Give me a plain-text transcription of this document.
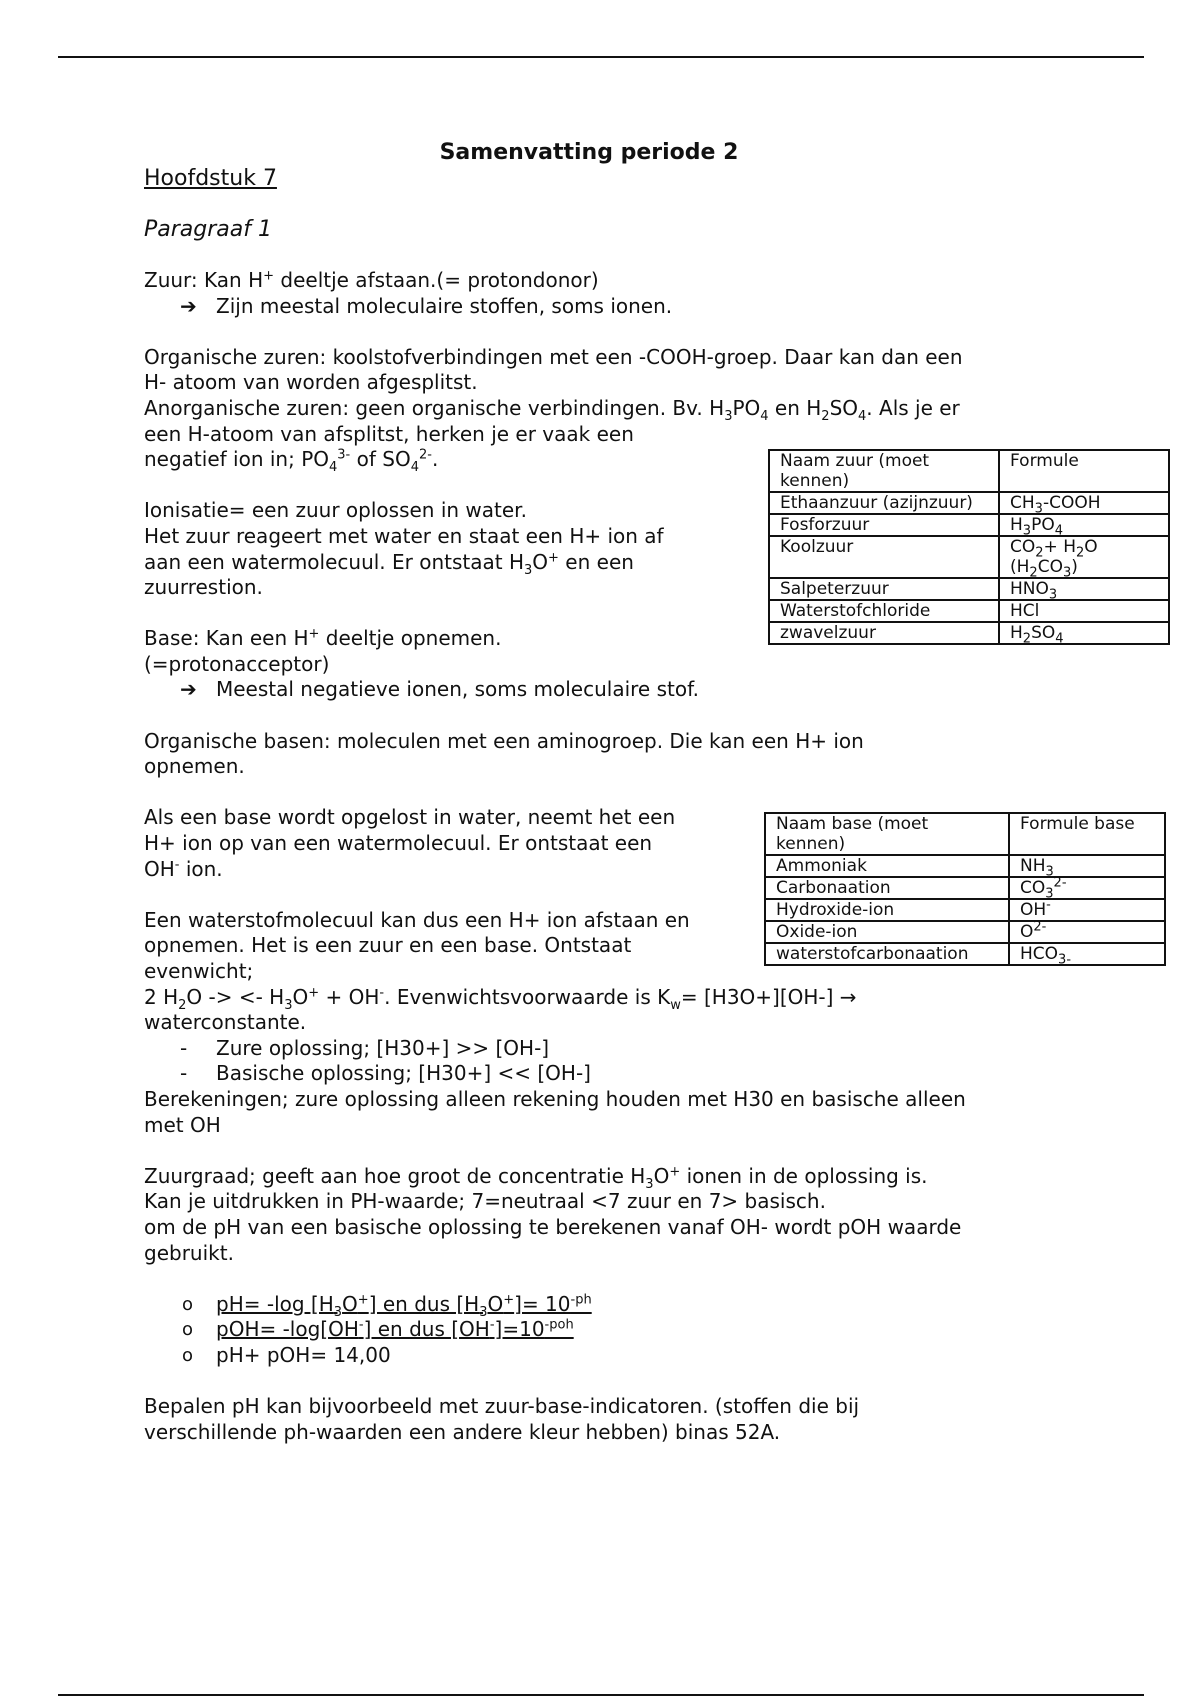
Samenvatting periode 2

Hoofdstuk 7

Paragraaf 1

Zuur: Kan H+ deeltje afstaan.(= protondonor)

➔ Zijn meestal moleculaire stoffen, soms ionen.

Organische zuren: koolstofverbindingen met een -COOH-groep. Daar kan dan een
H- atoom van worden afgesplitst.

Anorganische zuren: geen organische verbindingen. Bv. $H_3PO_4$ en $H_2SO_4$. Als je er
een H-atoom van afsplitst, herken je er vaak een
negatief ion in; $PO_4^{3-}$ of $SO_4^{2-}$.

Ionisatie= een zuur oplossen in water.
Het zuur reageert met water en staat een H+ ion af
aan een watermolecuul. Er ontstaat $H_3O^+$ en een
zuurrestion.

Base: Kan een H+ deeltje opnemen.
(=protonacceptor)

➔ Meestal negatieve ionen, soms moleculaire stof.

Organische basen: moleculen met een aminogroep. Die kan een H+ ion
opnemen.

Als een base wordt opgelost in water, neemt het een
H+ ion op van een watermolecuul. Er ontstaat een
OH- ion.

Een waterstofmolecuul kan dus een H+ ion afstaan en
opnemen. Het is een zuur en een base. Ontstaat
evenwicht;
2 $H_2O$ -> <- $H_3O^+ + OH^-$. Evenwichtsvoorwaarde is $K_w= [H3O+][OH-]$ →
waterconstante.

- Zure oplossing; [H30+] >> [OH-]

- Basische oplossing; [H30+] << [OH-]

Berekeningen; zure oplossing alleen rekening houden met H30 en basische alleen
met OH

Zuurgraad; geeft aan hoe groot de concentratie $H_3O^+$ ionen in de oplossing is.
Kan je uitdrukken in PH-waarde; 7=neutraal <7 zuur en 7> basisch.
om de pH van een basische oplossing te berekenen vanaf OH- wordt pOH waarde
gebruikt.

o pH= -log $[H_3O^+]$ en dus $[H_3O^+]= 10^{-ph}$

o pOH= -log[OH-] en dus $[OH^-]=10^{-poh}$

o pH+ pOH= 14,00

Bepalen pH kan bijvoorbeeld met zuur-base-indicatoren. (stoffen die bij
verschillende ph-waarden een andere kleur hebben) binas 52A.

Naam zuur (moet kennen)	Formule
Ethaanzuur (azijnzuur)	$CH_3$-COOH
Fosforzuur	$H_3PO_4$
Koolzuur	$CO_2+ H_2O$
$(H_2CO_3)$
Salpeterzuur	$HNO_3$
Waterstofchloride	HCl
zwavelzuur	$H_2SO_4$
Naam base (moet kennen)	Formule base
Ammoniak	$NH_3$
Carbonaation	$CO_3^{2-}$
Hydroxide-ion	OH-
Oxide-ion	$O^{2-}$
waterstofcarbonaation	$HCO_{3-}$
